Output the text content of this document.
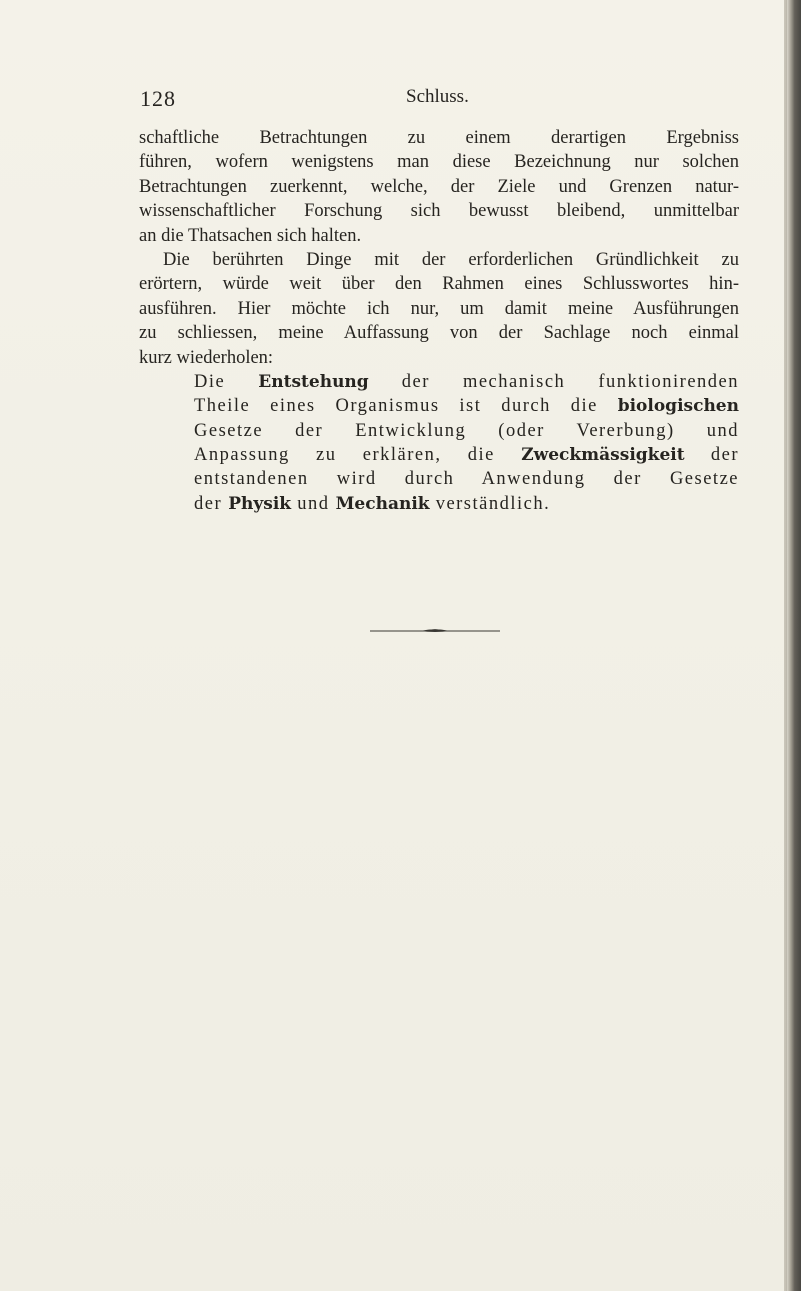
128	Schluss.
schaftliche Betrachtungen zu einem derartigen Ergebniss
führen, wofern wenigstens man diese Bezeichnung nur solchen
Betrachtungen zuerkennt, welche, der Ziele und Grenzen natur-
wissenschaftlicher Forschung sich bewusst bleibend, unmittelbar
an die Thatsachen sich halten.
Die berührten Dinge mit der erforderlichen Gründlichkeit zu
erörtern, würde weit über den Rahmen eines Schlusswortes hin-
ausführen. Hier möchte ich nur, um damit meine Ausführungen
zu schliessen, meine Auffassung von der Sachlage noch einmal
kurz wiederholen:
Die Entstehung der mechanisch funktionirenden
Theile eines Organismus ist durch die biologischen
Gesetze der Entwicklung (oder Vererbung) und
Anpassung zu erklären, die Zweckmässigkeit der
entstandenen wird durch Anwendung der Gesetze
der Physik und Mechanik verständlich.
